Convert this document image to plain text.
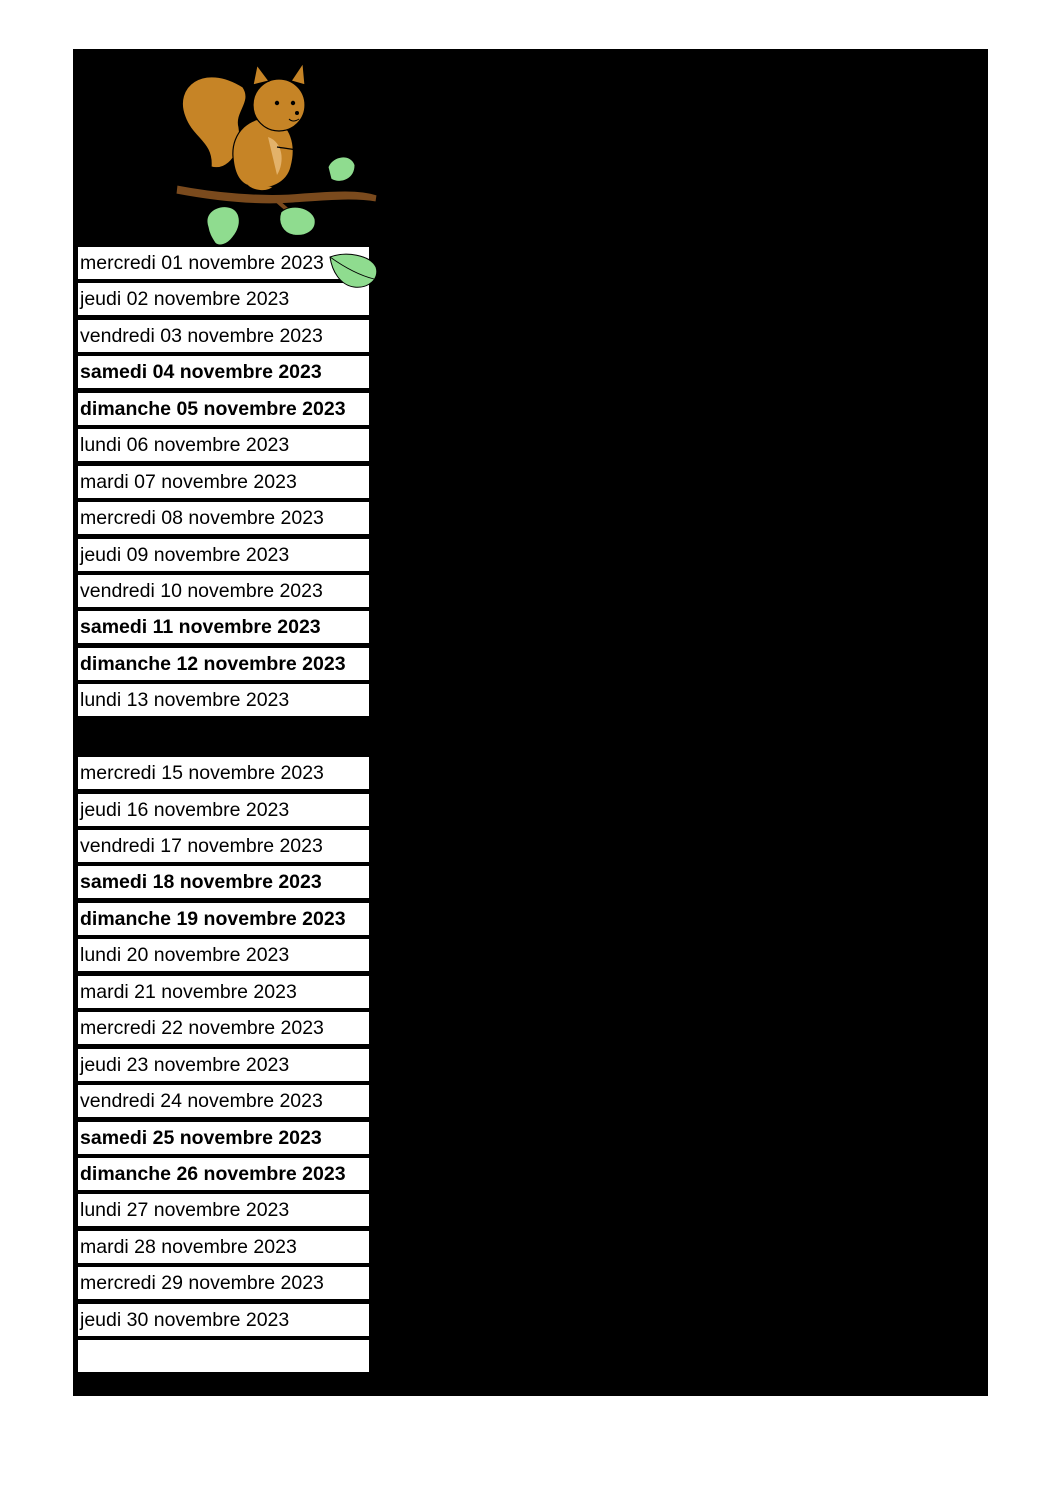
mercredi 01 novembre 2023
jeudi 02 novembre 2023
vendredi 03 novembre 2023
samedi 04 novembre 2023
dimanche 05 novembre 2023
lundi 06 novembre 2023
mardi 07 novembre 2023
mercredi 08 novembre 2023
jeudi 09 novembre 2023
vendredi 10 novembre 2023
samedi 11 novembre 2023
dimanche 12 novembre 2023
lundi 13 novembre 2023
mercredi 15 novembre 2023
jeudi 16 novembre 2023
vendredi 17 novembre 2023
samedi 18 novembre 2023
dimanche 19 novembre 2023
lundi 20 novembre 2023
mardi 21 novembre 2023
mercredi 22 novembre 2023
jeudi 23 novembre 2023
vendredi 24 novembre 2023
samedi 25 novembre 2023
dimanche 26 novembre 2023
lundi 27 novembre 2023
mardi 28 novembre 2023
mercredi 29 novembre 2023
jeudi 30 novembre 2023
